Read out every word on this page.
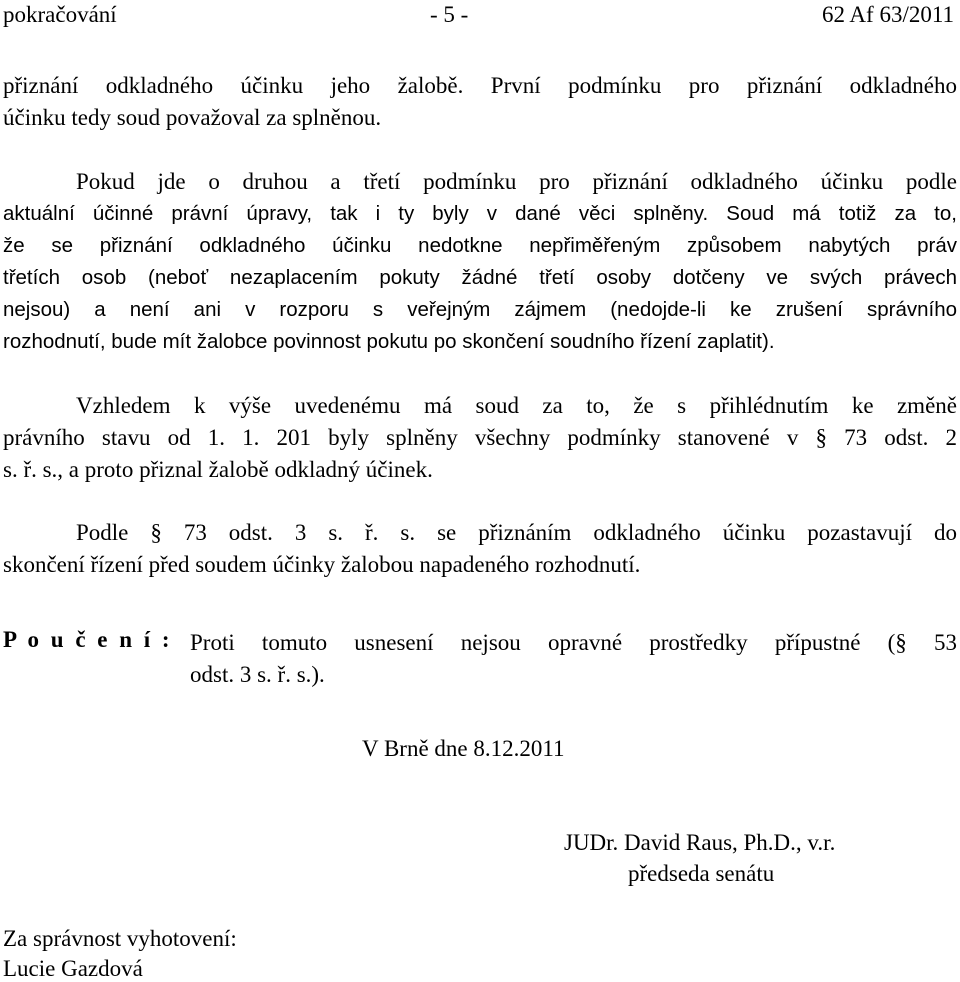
pokračování	- 5 -	62 Af 63/2011
přiznání odkladného účinku jeho žalobě. První podmínku pro přiznání odkladného
účinku tedy soud považoval za splněnou.
Pokud jde o druhou a třetí podmínku pro přiznání odkladného účinku podle
aktuální účinné právní úpravy, tak i ty byly v dané věci splněny. Soud má totiž za to,
že se přiznání odkladného účinku nedotkne nepřiměřeným způsobem nabytých práv
třetích osob (neboť nezaplacením pokuty žádné třetí osoby dotčeny ve svých právech
nejsou) a není ani v rozporu s veřejným zájmem (nedojde-li ke zrušení správního
rozhodnutí, bude mít žalobce povinnost pokutu po skončení soudního řízení zaplatit).
Vzhledem k výše uvedenému má soud za to, že s přihlédnutím ke změně
právního stavu od 1. 1. 201 byly splněny všechny podmínky stanovené v § 73 odst. 2
s. ř. s., a proto přiznal žalobě odkladný účinek.
Podle § 73 odst. 3 s. ř. s. se přiznáním odkladného účinku pozastavují do
skončení řízení před soudem účinky žalobou napadeného rozhodnutí.
P o u č e n í : Proti tomuto usnesení nejsou opravné prostředky přípustné (§ 53
odst. 3 s. ř. s.).
V Brně dne 8.12.2011
JUDr. David Raus, Ph.D., v.r.
předseda senátu
Za správnost vyhotovení:
Lucie Gazdová
